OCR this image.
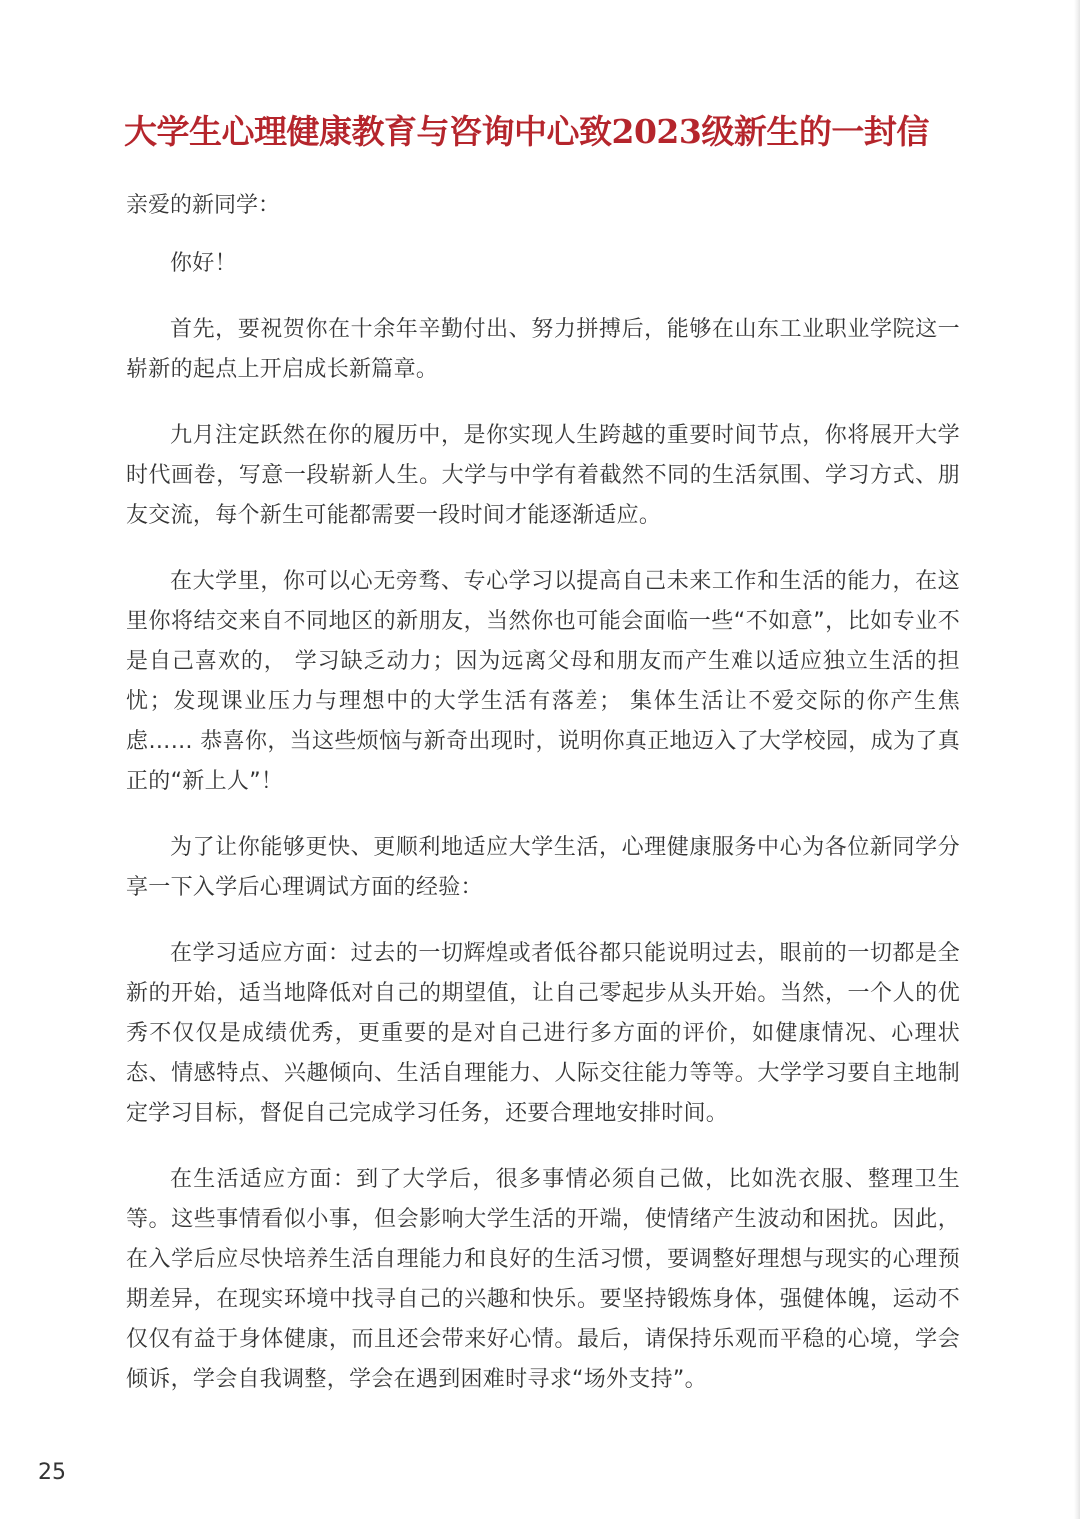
大学生心理健康教育与咨询中心致2023级新生的一封信

亲爱的新同学：

你好！

首先，要祝贺你在十余年辛勤付出、努力拼搏后，能够在山东工业职业学院这一崭新的起点上开启成长新篇章。

九月注定跃然在你的履历中，是你实现人生跨越的重要时间节点，你将展开大学时代画卷，写意一段崭新人生。大学与中学有着截然不同的生活氛围、学习方式、朋友交流，每个新生可能都需要一段时间才能逐渐适应。

在大学里，你可以心无旁骛、专心学习以提高自己未来工作和生活的能力，在这里你将结交来自不同地区的新朋友，当然你也可能会面临一些“不如意”，比如专业不是自己喜欢的， 学习缺乏动力；因为远离父母和朋友而产生难以适应独立生活的担忧；发现课业压力与理想中的大学生活有落差； 集体生活让不爱交际的你产生焦虑…… 恭喜你，当这些烦恼与新奇出现时，说明你真正地迈入了大学校园，成为了真正的“新上人”！

为了让你能够更快、更顺利地适应大学生活，心理健康服务中心为各位新同学分享一下入学后心理调试方面的经验：

在学习适应方面：过去的一切辉煌或者低谷都只能说明过去，眼前的一切都是全新的开始，适当地降低对自己的期望值，让自己零起步从头开始。当然，一个人的优秀不仅仅是成绩优秀，更重要的是对自己进行多方面的评价，如健康情况、心理状态、情感特点、兴趣倾向、生活自理能力、人际交往能力等等。大学学习要自主地制定学习目标，督促自己完成学习任务，还要合理地安排时间。

在生活适应方面：到了大学后，很多事情必须自己做，比如洗衣服、整理卫生等。这些事情看似小事，但会影响大学生活的开端，使情绪产生波动和困扰。因此，在入学后应尽快培养生活自理能力和良好的生活习惯，要调整好理想与现实的心理预期差异，在现实环境中找寻自己的兴趣和快乐。要坚持锻炼身体，强健体魄，运动不仅仅有益于身体健康，而且还会带来好心情。最后，请保持乐观而平稳的心境，学会倾诉，学会自我调整，学会在遇到困难时寻求“场外支持”。

25
